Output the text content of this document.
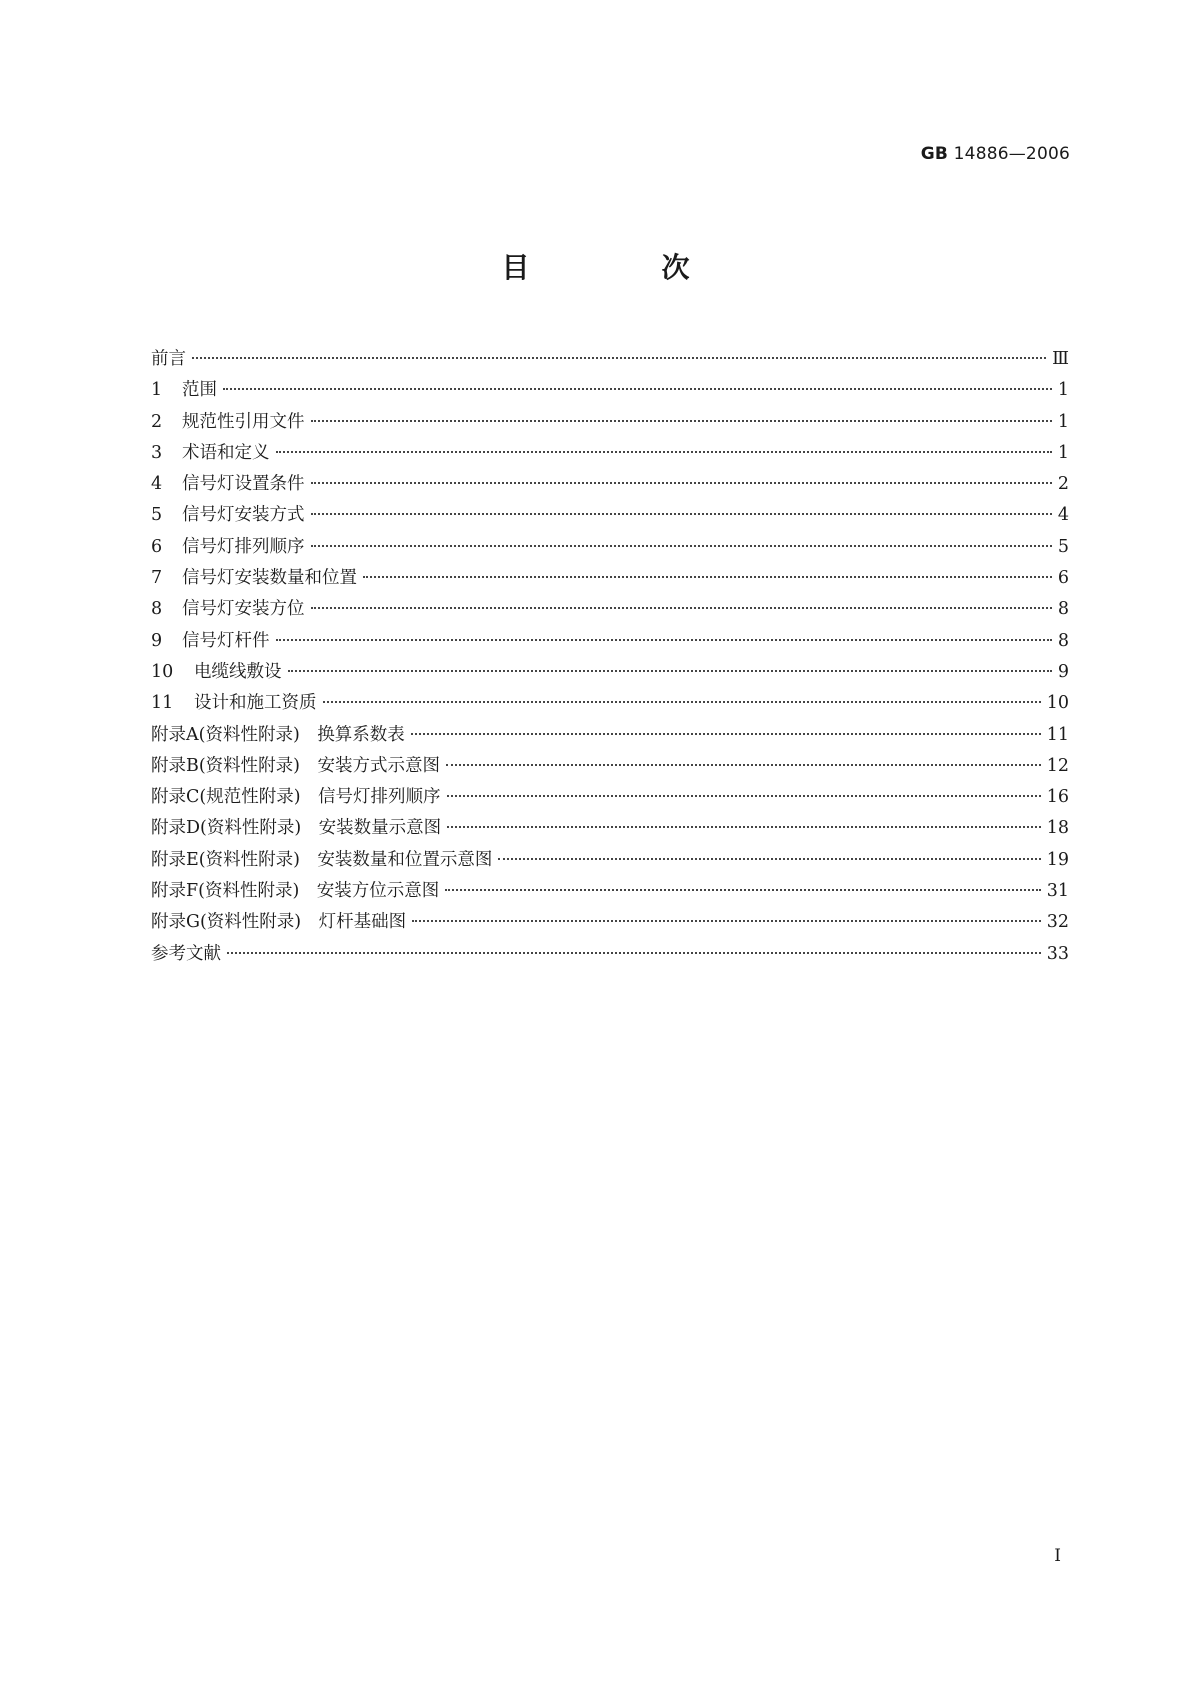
GB 14886—2006
目　次
前言	Ⅲ
1	范围	1
2	规范性引用文件	1
3	术语和定义	1
4	信号灯设置条件	2
5	信号灯安装方式	4
6	信号灯排列顺序	5
7	信号灯安装数量和位置	6
8	信号灯安装方位	8
9	信号灯杆件	8
10	电缆线敷设	9
11	设计和施工资质	10
附录A(资料性附录)　换算系数表	11
附录B(资料性附录)　安装方式示意图	12
附录C(规范性附录)　信号灯排列顺序	16
附录D(资料性附录)　安装数量示意图	18
附录E(资料性附录)　安装数量和位置示意图	19
附录F(资料性附录)　安装方位示意图	31
附录G(资料性附录)　灯杆基础图	32
参考文献	33
I
